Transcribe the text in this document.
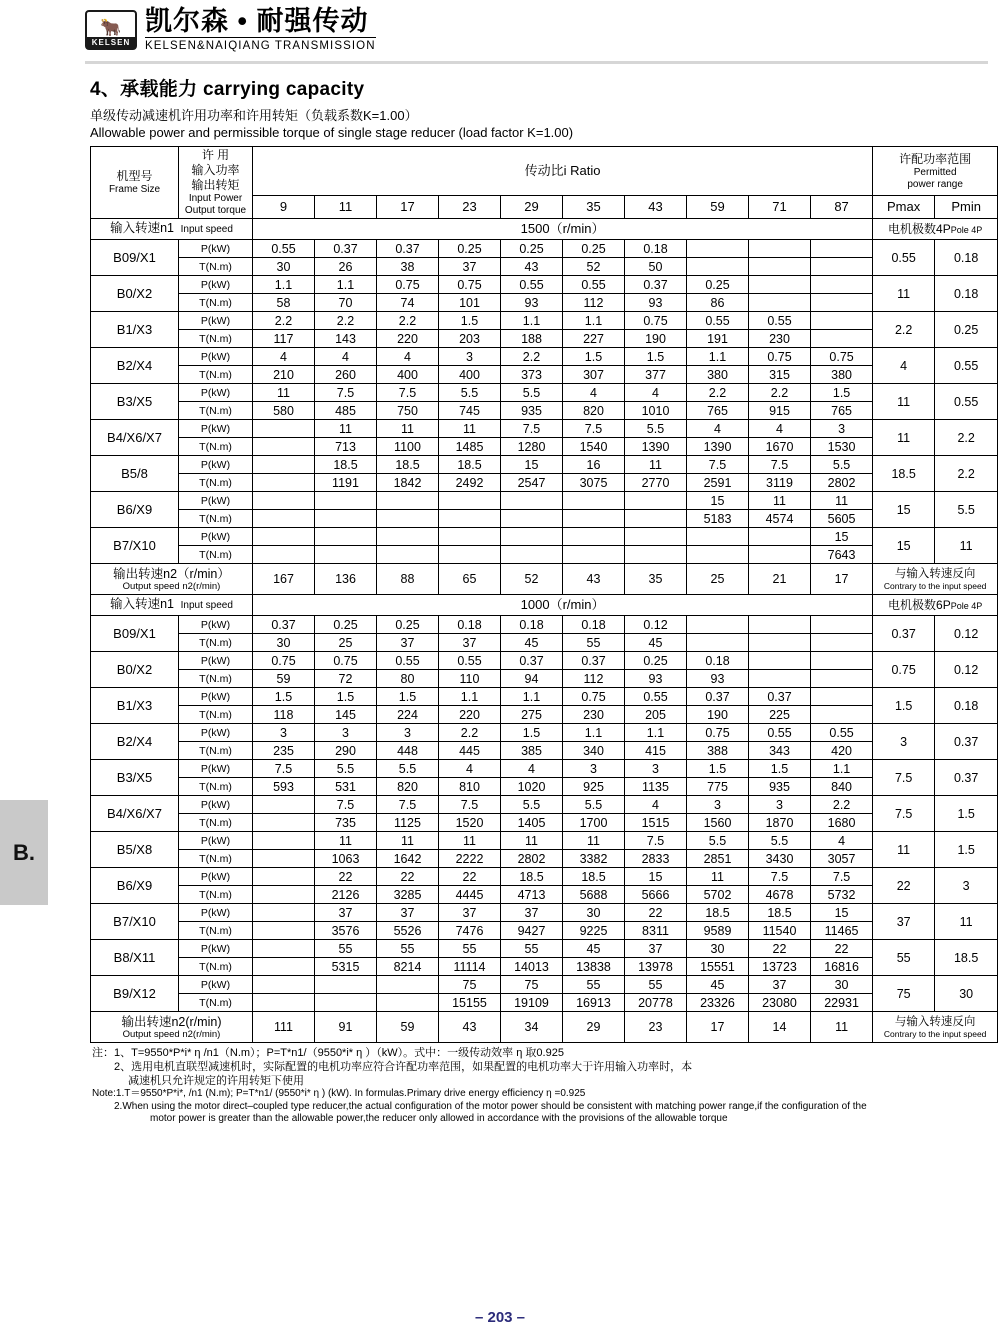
🐂
KELSEN
凯尔森 • 耐强传动
KELSEN&NAIQIANG TRANSMISSION
B.
4、承载能力 carrying capacity
单级传动减速机许用功率和许用转矩（负载系数K=1.00）
Allowable power and permissible torque of single stage reducer (load factor K=1.00)
机型号
Frame Size

许 用
输入功率
输出转矩
Input Power
Output torque
	传动比i Ratio	
许配功率范围
Permitted
power range

		9	11	17	23	29	35	43	59	71	87	Pmax	Pmin
输入转速n1 Input speed		1500（r/min）										电机极数4PPole 4P	
B09/X1	P(kW)	0.55	0.37	0.37	0.25	0.25	0.25	0.18				0.55	0.18
	T(N.m)	30	26	38	37	43	52	50					
B0/X2	P(kW)	1.1	1.1	0.75	0.75	0.55	0.55	0.37	0.25			11	0.18
	T(N.m)	58	70	74	101	93	112	93	86				
B1/X3	P(kW)	2.2	2.2	2.2	1.5	1.1	1.1	0.75	0.55	0.55		2.2	0.25
	T(N.m)	117	143	220	203	188	227	190	191	230			
B2/X4	P(kW)	4	4	4	3	2.2	1.5	1.5	1.1	0.75	0.75	4	0.55
	T(N.m)	210	260	400	400	373	307	377	380	315	380		
B3/X5	P(kW)	11	7.5	7.5	5.5	5.5	4	4	2.2	2.2	1.5	11	0.55
	T(N.m)	580	485	750	745	935	820	1010	765	915	765		
B4/X6/X7	P(kW)		11	11	11	7.5	7.5	5.5	4	4	3	11	2.2
	T(N.m)		713	1100	1485	1280	1540	1390	1390	1670	1530		
B5/8	P(kW)		18.5	18.5	18.5	15	16	11	7.5	7.5	5.5	18.5	2.2
	T(N.m)		1191	1842	2492	2547	3075	2770	2591	3119	2802		
B6/X9	P(kW)								15	11	11	15	5.5
	T(N.m)								5183	4574	5605		
B7/X10	P(kW)										15	15	11
	T(N.m)										7643		

输出转速n2（r/min）
Output speed n2(r/min)	167	136	88	65	52	43	35	25	21	17	与输入转速反向
Contrary to the input speed

输入转速n1 Input speed		1000（r/min）										电机极数6PPole 4P	
B09/X1	P(kW)	0.37	0.25	0.25	0.18	0.18	0.18	0.12				0.37	0.12
	T(N.m)	30	25	37	37	45	55	45					
B0/X2	P(kW)	0.75	0.75	0.55	0.55	0.37	0.37	0.25	0.18			0.75	0.12
	T(N.m)	59	72	80	110	94	112	93	93				
B1/X3	P(kW)	1.5	1.5	1.5	1.1	1.1	0.75	0.55	0.37	0.37		1.5	0.18
	T(N.m)	118	145	224	220	275	230	205	190	225			
B2/X4	P(kW)	3	3	3	2.2	1.5	1.1	1.1	0.75	0.55	0.55	3	0.37
	T(N.m)	235	290	448	445	385	340	415	388	343	420		
B3/X5	P(kW)	7.5	5.5	5.5	4	4	3	3	1.5	1.5	1.1	7.5	0.37
	T(N.m)	593	531	820	810	1020	925	1135	775	935	840		
B4/X6/X7	P(kW)		7.5	7.5	7.5	5.5	5.5	4	3	3	2.2	7.5	1.5
	T(N.m)		735	1125	1520	1405	1700	1515	1560	1870	1680		
B5/X8	P(kW)		11	11	11	11	11	7.5	5.5	5.5	4	11	1.5
	T(N.m)		1063	1642	2222	2802	3382	2833	2851	3430	3057		
B6/X9	P(kW)		22	22	22	18.5	18.5	15	11	7.5	7.5	22	3
	T(N.m)		2126	3285	4445	4713	5688	5666	5702	4678	5732		
B7/X10	P(kW)		37	37	37	37	30	22	18.5	18.5	15	37	11
	T(N.m)		3576	5526	7476	9427	9225	8311	9589	11540	11465		
B8/X11	P(kW)		55	55	55	55	45	37	30	22	22	55	18.5
	T(N.m)		5315	8214	11114	14013	13838	13978	15551	13723	16816		
B9/X12	P(kW)				75	75	55	55	45	37	30	75	30
	T(N.m)				15155	19109	16913	20778	23326	23080	22931		

输出转速n2(r/min)
Output speed n2(r/min)	111	91	59	43	34	29	23	17	14	11	与输入转速反向
Contrary to the input speed
注：1、T=9550*P*i* η /n1（N.m）；P=T*n1/（9550*i* η ）（kW）。式中：一级传动效率 η 取0.925
2、选用电机直联型减速机时，实际配置的电机功率应符合许配功率范围，如果配置的电机功率大于许用输入功率时，本
减速机只允许规定的许用转矩下使用
Note:1.T＝9550*P*i*, /n1 (N.m); P=T*n1/ (9550*i* η ) (kW). In formulas.Primary drive energy efficiency η =0.925
2.When using the motor direct–coupled type reducer,the actual configuration of the motor power should be consistent with matching power range,if the configuration of the
motor power is greater than the allowable power,the reducer only allowed in accordance with the provisions of the allowable torque
– 203 –
